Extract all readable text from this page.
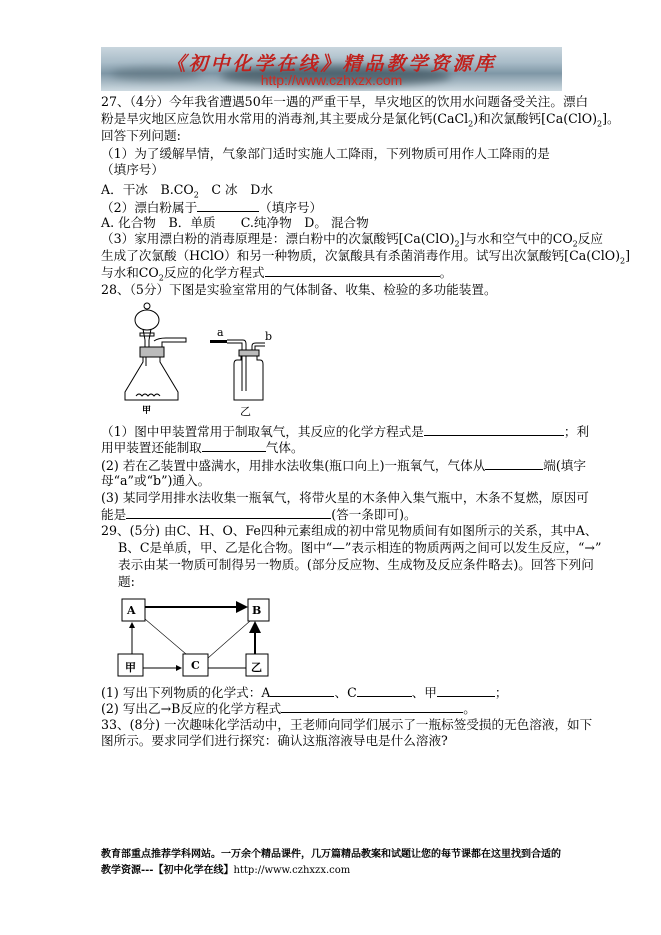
《初中化学在线》精品教学资源库
http://www.czhxzx.com
27、（4分）今年我省遭遇50年一遇的严重干旱，旱灾地区的饮用水问题备受关注。漂白
粉是旱灾地区应急饮用水常用的消毒剂,其主要成分是氯化钙(CaCl$_2$)和次氯酸钙$[Ca(ClO)_2]$。
回答下列问题:
（1）为了缓解旱情，气象部门适时实施人工降雨，下列物质可用作人工降雨的是
（填序号）
A．干冰　$B.CO_2$　C 冰　D水
（2）漂白粉属于	（填序号）
A. 化合物　B．单质　　C.纯净物　D。 混合物
（3）家用漂白粉的消毒原理是：漂白粉中的次氯酸钙$[Ca(ClO)_2]$与水和空气中的$CO_2$反应
生成了次氯酸（HClO）和另一种物质，次氯酸具有杀菌消毒作用。试写出次氯酸钙$[Ca(ClO)_2]$
与水和$CO_2$反应的化学方程式	。
28、（5分）下图是实验室常用的气体制备、收集、检验的多功能装置。
a	b
甲	乙
（1）图中甲装置常用于制取氧气，其反应的化学方程式是	；利
用甲装置还能制取	气体。
(2) 若在乙装置中盛满水，用排水法收集(瓶口向上)一瓶氧气，气体从	端(填字
母“a”或“b”)通入。
(3) 某同学用排水法收集一瓶氧气，将带火星的木条伸入集气瓶中，木条不复燃，原因可
能是	(答一条即可)。
29、(5分) 由C、H、O、Fe四种元素组成的初中常见物质间有如图所示的关系，其中A、
B、C是单质，甲、乙是化合物。图中“—”表示相连的物质两两之间可以发生反应，“→”
表示由某一物质可制得另一物质。(部分反应物、生成物及反应条件略去)。回答下列问
题:
A	B
甲	C	乙
(1) 写出下列物质的化学式：A	、C	、甲	；
(2) 写出乙→B反应的化学方程式	。
33、(8分) 一次趣味化学活动中，王老师向同学们展示了一瓶标签受损的无色溶液，如下
图所示。要求同学们进行探究：确认这瓶溶液导电是什么溶液?
教育部重点推荐学科网站。一万余个精品课件，几万篇精品教案和试题让您的每节课都在这里找到合适的
教学资源---【初中化学在线】http://www.czhxzx.com
